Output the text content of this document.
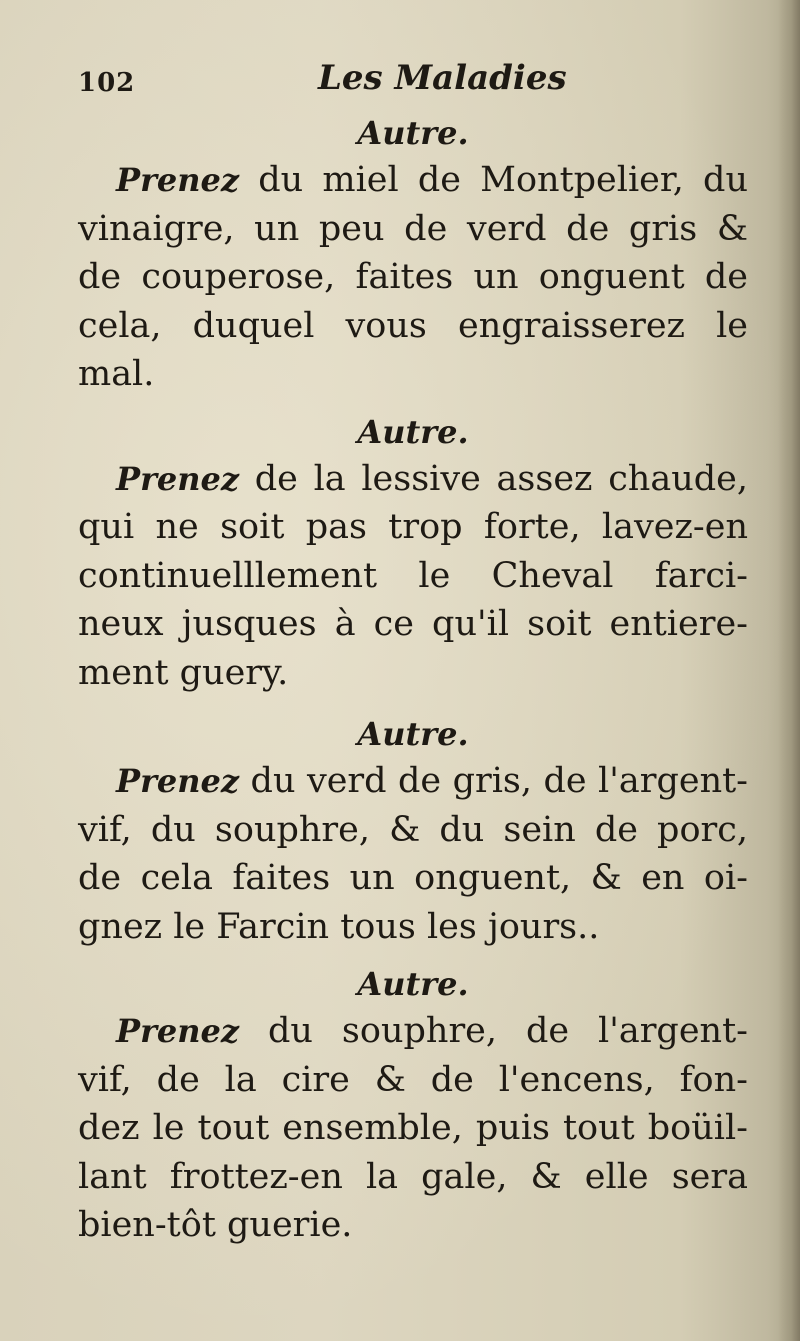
102	Les Maladies
Autre.
Prenez du miel de Montpelier, du
vinaigre, un peu de verd de gris &
de couperose, faites un onguent de
cela, duquel vous engraisserez le
mal.
Autre.
Prenez de la lessive assez chaude,
qui ne soit pas trop forte, lavez-en
continuelllement le Cheval farci-
neux jusques à ce qu'il soit entiere-
ment guery.
Autre.
Prenez du verd de gris, de l'argent-
vif, du souphre, & du sein de porc,
de cela faites un onguent, & en oi-
gnez le Farcin tous les jours..
Autre.
Prenez du souphre, de l'argent-
vif, de la cire & de l'encens, fon-
dez le tout ensemble, puis tout boüil-
lant frottez-en la gale, & elle sera
bien-tôt guerie.
